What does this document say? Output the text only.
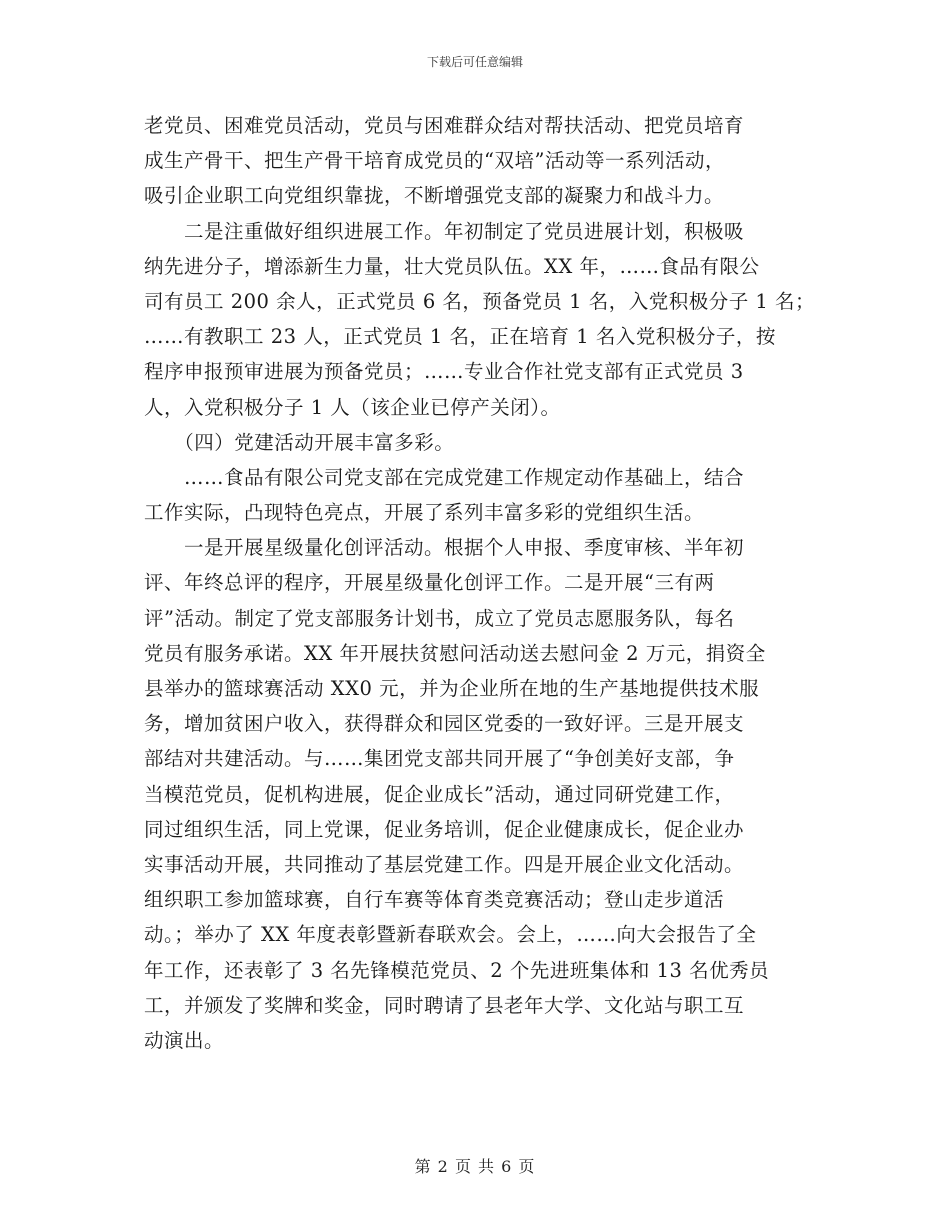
下载后可任意编辑
老党员、困难党员活动，党员与困难群众结对帮扶活动、把党员培育
成生产骨干、把生产骨干培育成党员的“双培”活动等一系列活动，
吸引企业职工向党组织靠拢，不断增强党支部的凝聚力和战斗力。
　　二是注重做好组织进展工作。年初制定了党员进展计划，积极吸
纳先进分子，增添新生力量，壮大党员队伍。XX 年，……食品有限公
司有员工 200 余人，正式党员 6 名，预备党员 1 名，入党积极分子 1 名；
……有教职工 23 人，正式党员 1 名，正在培育 1 名入党积极分子，按
程序申报预审进展为预备党员；……专业合作社党支部有正式党员 3
人，入党积极分子 1 人（该企业已停产关闭）。
　　（四）党建活动开展丰富多彩。
　　……食品有限公司党支部在完成党建工作规定动作基础上，结合
工作实际，凸现特色亮点，开展了系列丰富多彩的党组织生活。
　　一是开展星级量化创评活动。根据个人申报、季度审核、半年初
评、年终总评的程序，开展星级量化创评工作。二是开展“三有两
评”活动。制定了党支部服务计划书，成立了党员志愿服务队，每名
党员有服务承诺。XX 年开展扶贫慰问活动送去慰问金 2 万元，捐资全
县举办的篮球赛活动 XX0 元，并为企业所在地的生产基地提供技术服
务，增加贫困户收入，获得群众和园区党委的一致好评。三是开展支
部结对共建活动。与……集团党支部共同开展了“争创美好支部，争
当模范党员，促机构进展，促企业成长”活动，通过同研党建工作，
同过组织生活，同上党课，促业务培训，促企业健康成长，促企业办
实事活动开展，共同推动了基层党建工作。四是开展企业文化活动。
组织职工参加篮球赛，自行车赛等体育类竞赛活动；登山走步道活
动。；举办了 XX 年度表彰暨新春联欢会。会上，……向大会报告了全
年工作，还表彰了 3 名先锋模范党员、2 个先进班集体和 13 名优秀员
工，并颁发了奖牌和奖金，同时聘请了县老年大学、文化站与职工互
动演出。
第 2 页 共 6 页
